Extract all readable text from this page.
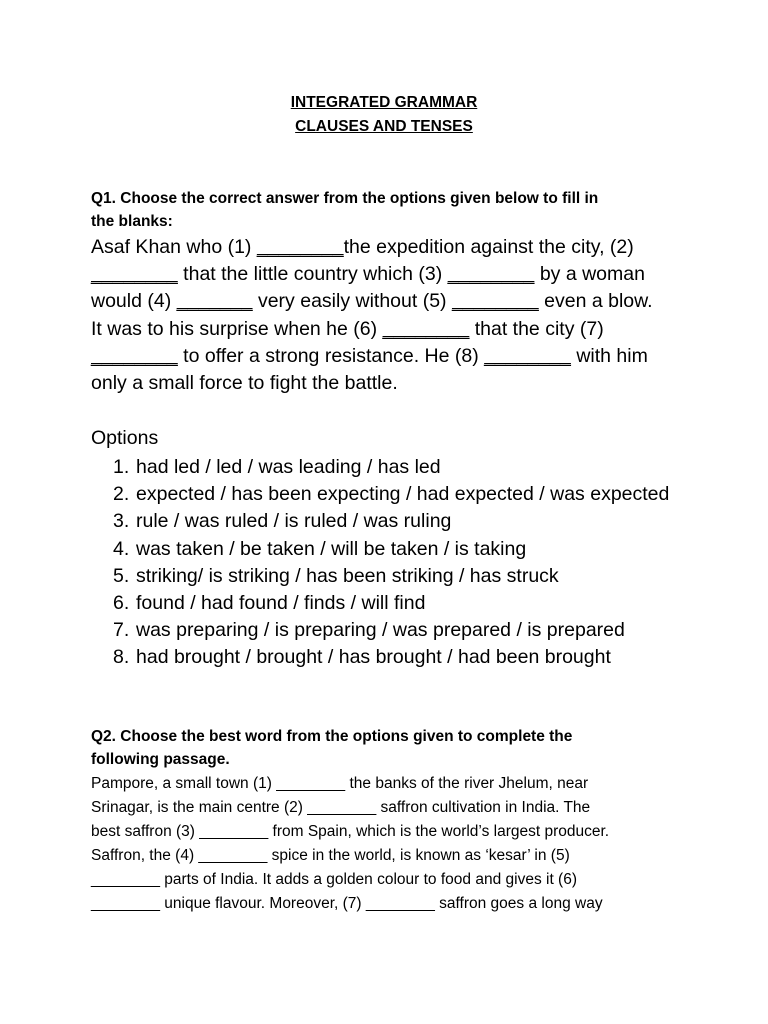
INTEGRATED GRAMMAR
CLAUSES AND TENSES
Q1. Choose the correct answer from the options given below to fill in
the blanks:
Asaf Khan who (1) ________the expedition against the city, (2)
________ that the little country which (3) ________ by a woman
would (4) _______ very easily without (5) ________ even a blow.
It was to his surprise when he (6) ________ that the city (7)
________ to offer a strong resistance. He (8) ________ with him
only a small force to fight the battle.
Options
1. had led / led / was leading / has led
2. expected / has been expecting / had expected / was expected
3. rule / was ruled / is ruled / was ruling
4. was taken / be taken / will be taken / is taking
5. striking/ is striking / has been striking / has struck
6. found / had found / finds / will find
7. was preparing / is preparing / was prepared / is prepared
8. had brought / brought / has brought / had been brought
Q2. Choose the best word from the options given to complete the
following passage.
Pampore, a small town (1) ________ the banks of the river Jhelum, near
Srinagar, is the main centre (2) ________ saffron cultivation in India. The
best saffron (3) ________ from Spain, which is the world’s largest producer.
Saffron, the (4) ________ spice in the world, is known as ‘kesar’ in (5)
________ parts of India. It adds a golden colour to food and gives it (6)
________ unique flavour. Moreover, (7) ________ saffron goes a long way
